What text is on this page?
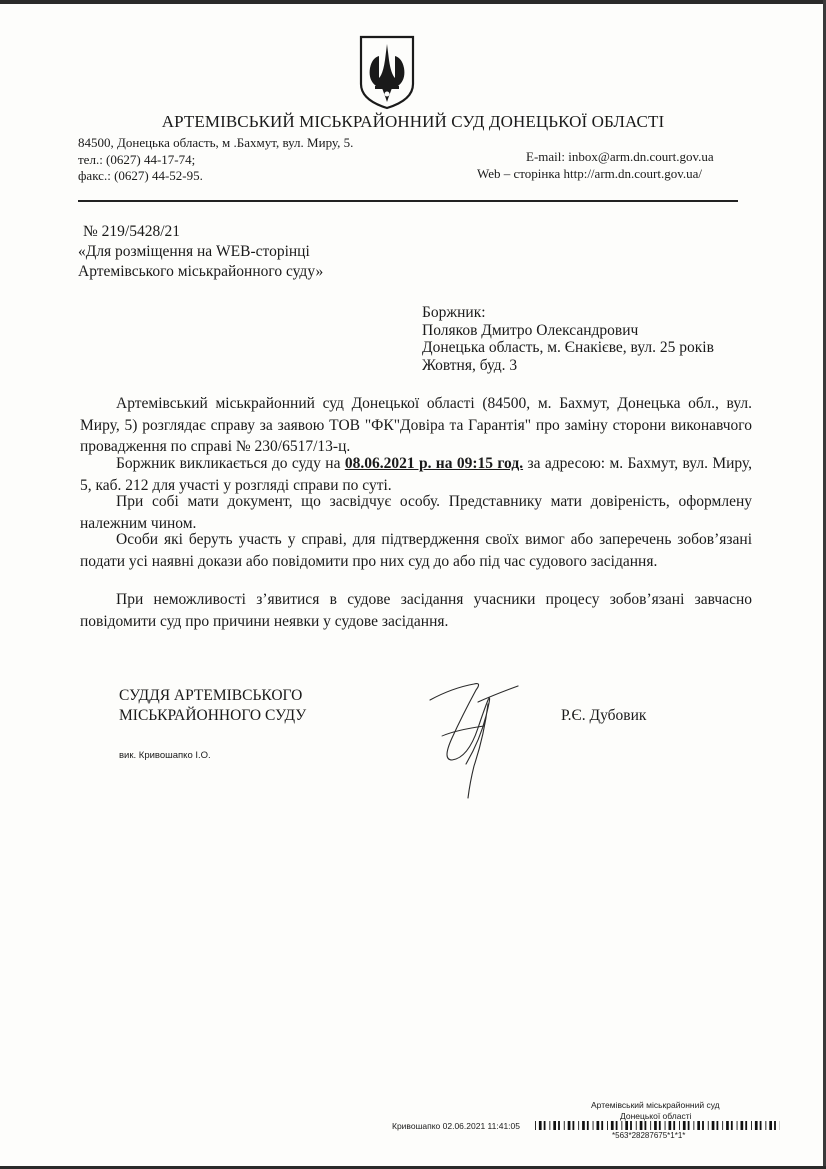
АРТЕМІВСЬКИЙ МІСЬКРАЙОННИЙ СУД ДОНЕЦЬКОЇ ОБЛАСТІ
84500, Донецька область, м .Бахмут, вул. Миру, 5.
тел.: (0627) 44-17-74;
факс.: (0627) 44-52-95.
E-mail: inbox@arm.dn.court.gov.ua
Web – сторінка http://arm.dn.court.gov.ua/
№ 219/5428/21
«Для розміщення на WEB-сторінці
Артемівського міськрайонного суду»
Боржник:
Поляков Дмитро Олександрович
Донецька область, м. Єнакієве, вул. 25 років
Жовтня, буд. 3
Артемівський міськрайонний суд Донецької області (84500, м. Бахмут, Донецька обл., вул. Миру, 5) розглядає справу за заявою ТОВ "ФК"Довіра та Гарантія" про заміну сторони виконавчого провадження по справі № 230/6517/13-ц.
Боржник викликається до суду на 08.06.2021 р. на 09:15 год. за адресою: м. Бахмут, вул. Миру, 5, каб. 212 для участі у розгляді справи по суті.
При собі мати документ, що засвідчує особу. Представнику мати довіреність, оформлену належним чином.
Особи які беруть участь у справі, для підтвердження своїх вимог або заперечень зобов’язані подати усі наявні докази або повідомити про них суд до або під час судового засідання.
При неможливості з’явитися в судове засідання учасники процесу зобов’язані завчасно повідомити суд про причини неявки у судове засідання.
СУДДЯ АРТЕМІВСЬКОГО
МІСЬКРАЙОННОГО СУДУ	Р.Є. Дубовик
вик. Кривошапко І.О.
Артемівський міськрайонний суд
Донецької області
Кривошапко 02.06.2021 11:41:05
*563*28287675*1*1*
